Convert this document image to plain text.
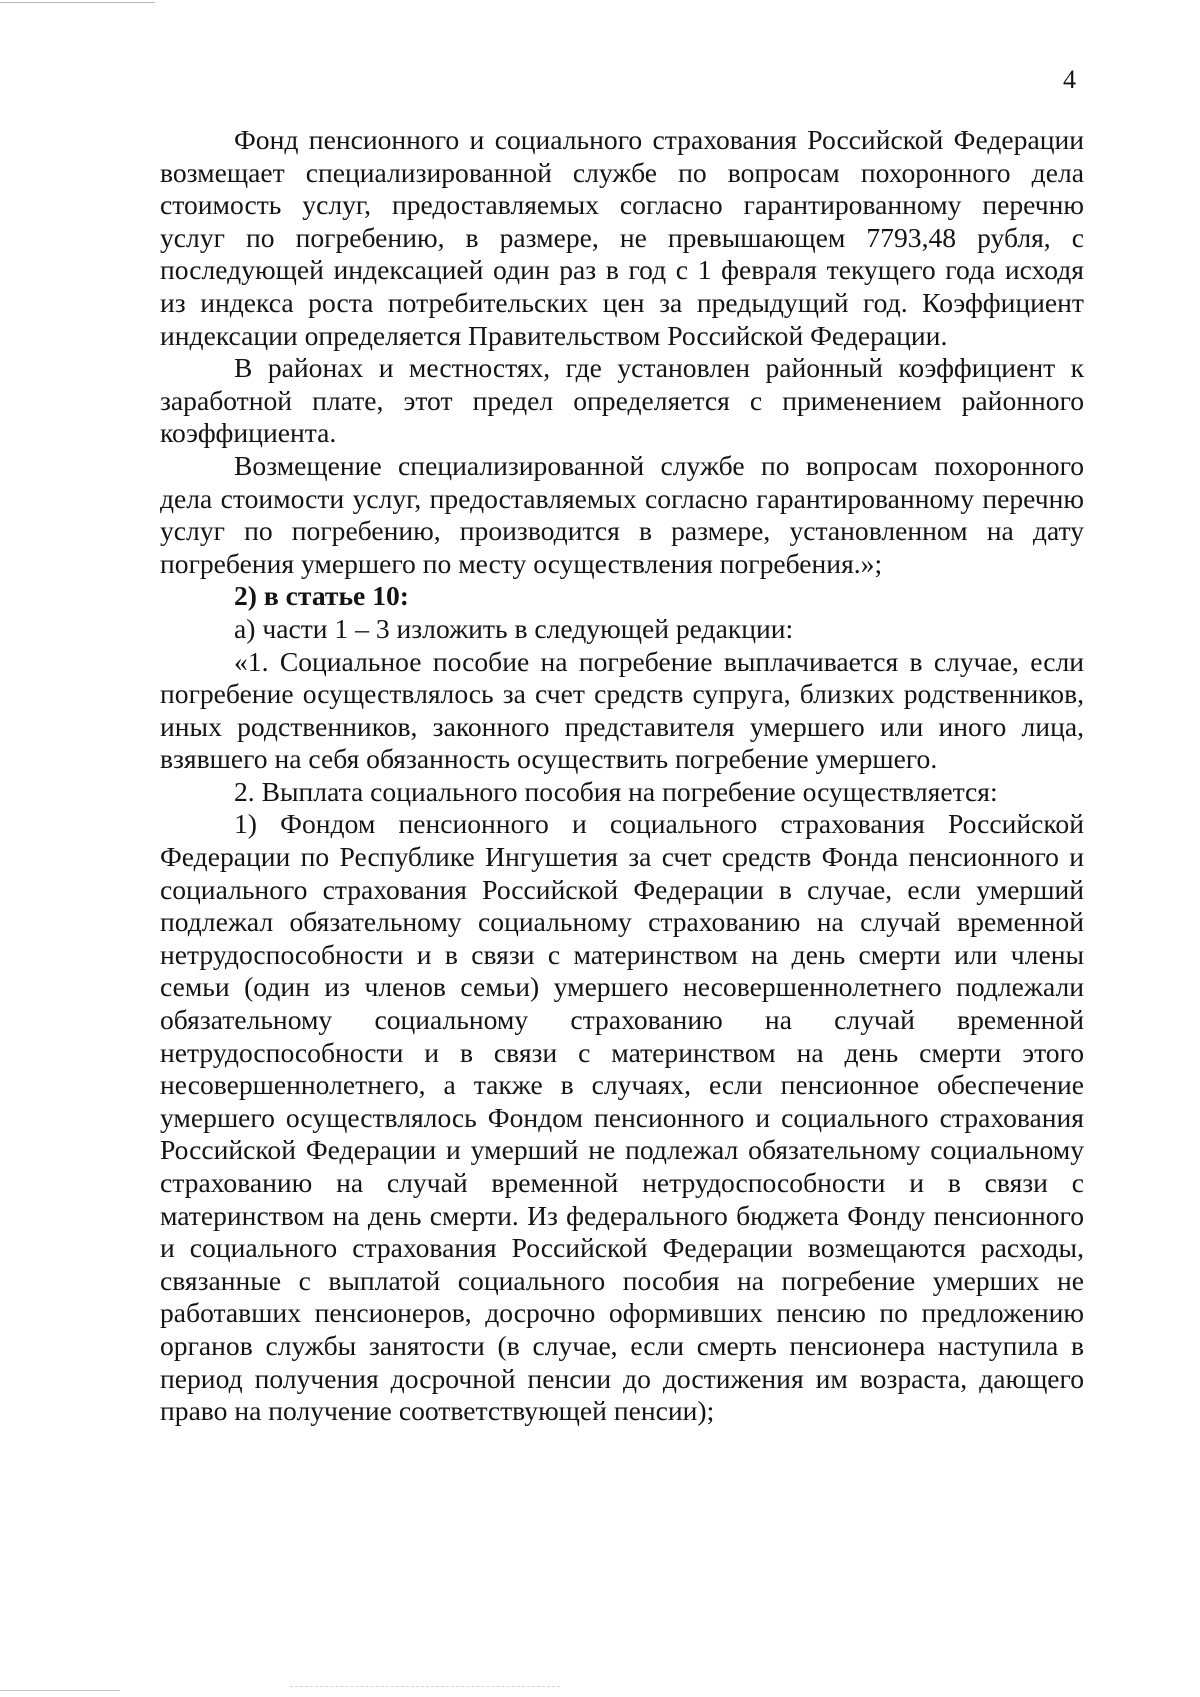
4

Фонд пенсионного и социального страхования Российской Федерации возмещает специализированной службе по вопросам похоронного дела стоимость услуг, предоставляемых согласно гарантированному перечню услуг по погребению, в размере, не превышающем 7793,48 рубля, с последующей индексацией один раз в год с 1 февраля текущего года исходя из индекса роста потребительских цен за предыдущий год. Коэффициент индексации определяется Правительством Российской Федерации.

В районах и местностях, где установлен районный коэффициент к заработной плате, этот предел определяется с применением районного коэффициента.

Возмещение специализированной службе по вопросам похоронного дела стоимости услуг, предоставляемых согласно гарантированному перечню услуг по погребению, производится в размере, установленном на дату погребения умершего по месту осуществления погребения.»;

2) в статье 10:

а) части 1 – 3 изложить в следующей редакции:

«1. Социальное пособие на погребение выплачивается в случае, если погребение осуществлялось за счет средств супруга, близких родственников, иных родственников, законного представителя умершего или иного лица, взявшего на себя обязанность осуществить погребение умершего.

2. Выплата социального пособия на погребение осуществляется:

1) Фондом пенсионного и социального страхования Российской Федерации по Республике Ингушетия за счет средств Фонда пенсионного и социального страхования Российской Федерации в случае, если умерший подлежал обязательному социальному страхованию на случай временной нетрудоспособности и в связи с материнством на день смерти или члены семьи (один из членов семьи) умершего несовершеннолетнего подлежали обязательному социальному страхованию на случай временной нетрудоспособности и в связи с материнством на день смерти этого несовершеннолетнего, а также в случаях, если пенсионное обеспечение умершего осуществлялось Фондом пенсионного и социального страхования Российской Федерации и умерший не подлежал обязательному социальному страхованию на случай временной нетрудоспособности и в связи с материнством на день смерти. Из федерального бюджета Фонду пенсионного и социального страхования Российской Федерации возмещаются расходы, связанные с выплатой социального пособия на погребение умерших не работавших пенсионеров, досрочно оформивших пенсию по предложению органов службы занятости (в случае, если смерть пенсионера наступила в период получения досрочной пенсии до достижения им возраста, дающего право на получение соответствующей пенсии);
